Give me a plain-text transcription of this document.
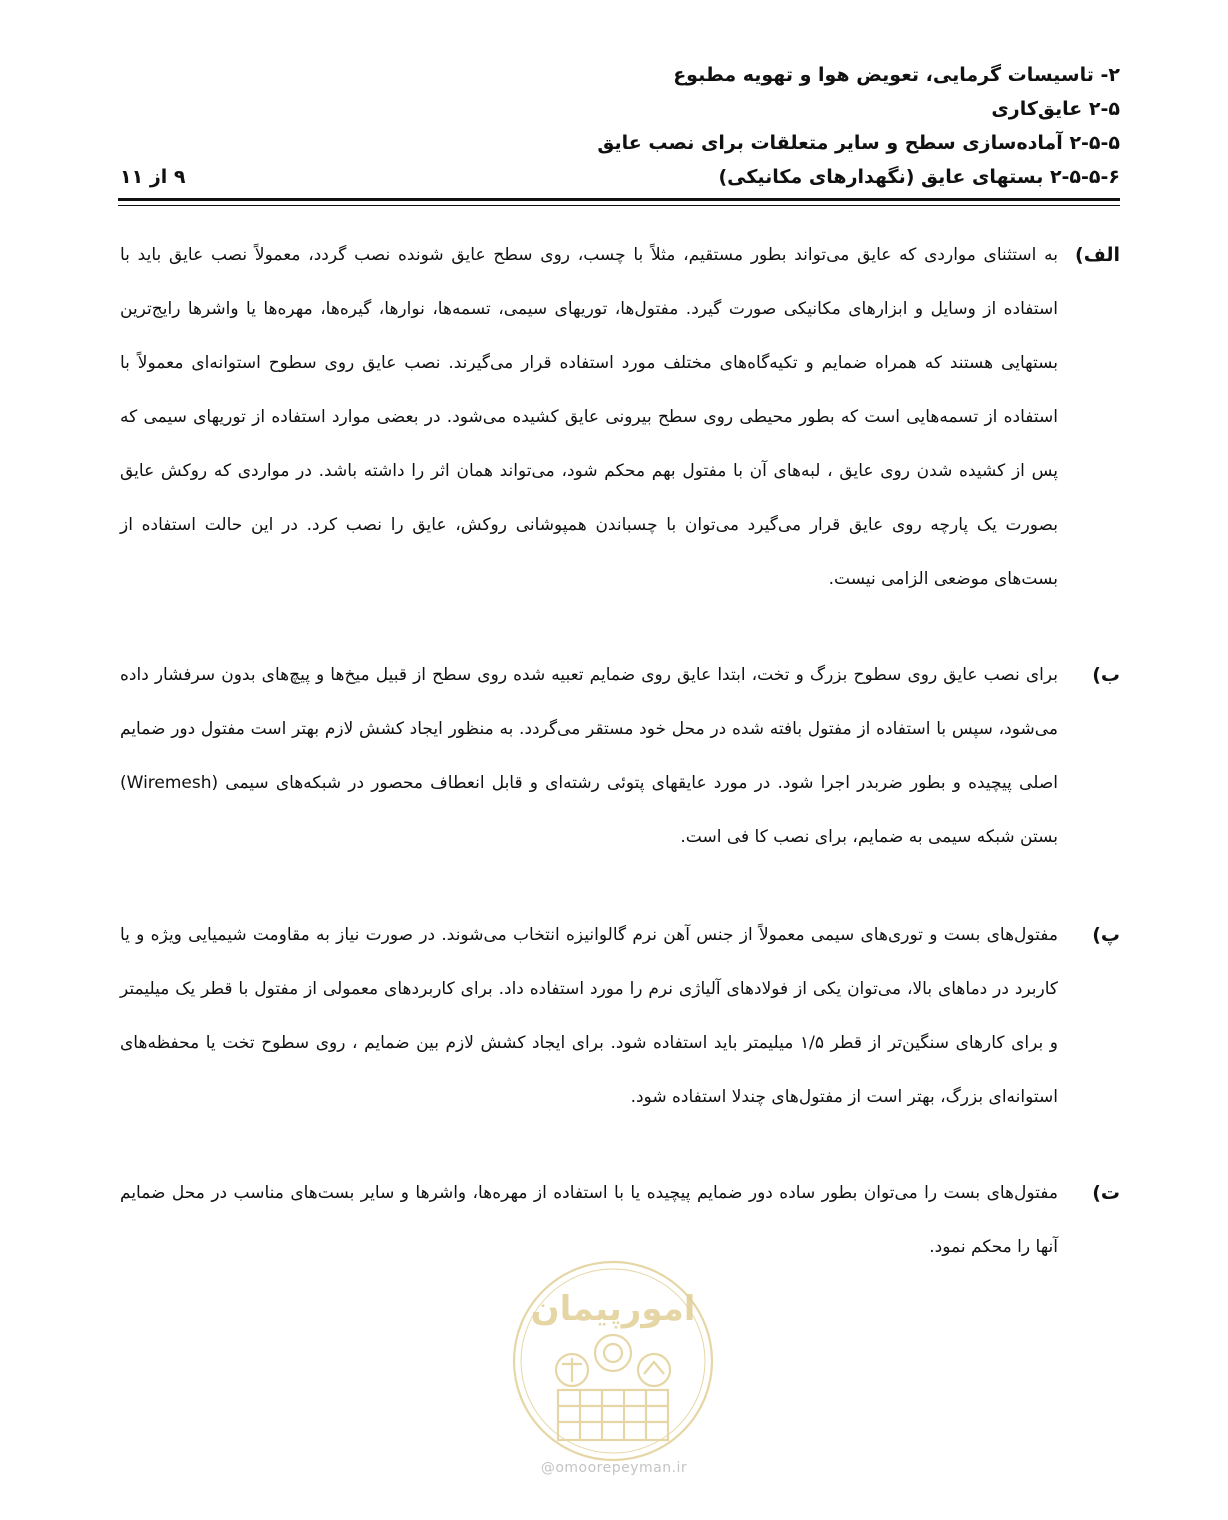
۲- تاسیسات گرمایی، تعویض هوا و تهویه مطبوع
۲-۵ عایق‌کاری
۲-۵-۵ آماده‌سازی سطح و سایر متعلقات برای نصب عایق
۲-۵-۵-۶ بستهای عایق (نگهدارهای مکانیکی)
۹ از ۱۱
الف)
به استثنای مواردی که عایق می‌تواند بطور مستقیم، مثلاً با چسب، روی سطح عایق شونده نصب گردد، معمولاً نصب عایق باید با استفاده از وسایل و ابزارهای مکانیکی صورت گیرد. مفتول‌ها، توریهای سیمی، تسمه‌ها، نوارها، گیره‌ها، مهره‌ها یا واشرها رایج‌ترین بستهایی هستند که همراه ضمایم و تکیه‌گاه‌های مختلف مورد استفاده قرار می‌گیرند. نصب عایق روی سطوح استوانه‌ای معمولاً با استفاده از تسمه‌هایی است که بطور محیطی روی سطح بیرونی عایق کشیده می‌شود. در بعضی موارد استفاده از توریهای سیمی که پس از کشیده شدن روی عایق ، لبه‌های آن با مفتول بهم محکم شود، می‌تواند همان اثر را داشته باشد. در مواردی که روکش عایق بصورت یک پارچه روی عایق قرار می‌گیرد می‌توان با چسباندن همپوشانی روکش، عایق را نصب کرد. در این حالت استفاده از بست‌های موضعی الزامی نیست.
ب)
برای نصب عایق روی سطوح بزرگ و تخت، ابتدا عایق روی ضمایم تعبیه شده روی سطح از قبیل میخ‌ها و پیچ‌های بدون سرفشار داده می‌شود، سپس با استفاده از مفتول بافته شده در محل خود مستقر می‌گردد. به منظور ایجاد کشش لازم بهتر است مفتول دور ضمایم اصلی پیچیده و بطور ضربدر اجرا شود. در مورد عایقهای پتوئی رشته‌ای و قابل انعطاف محصور در شبکه‌های سیمی (Wiremesh) بستن شبکه سیمی به ضمایم، برای نصب کا فی است.
پ)
مفتول‌های بست و توری‌های سیمی معمولاً از جنس آهن نرم گالوانیزه انتخاب می‌شوند. در صورت نیاز به مقاومت شیمیایی ویژه و یا کاربرد در دماهای بالا، می‌توان یکی از فولادهای آلیاژی نرم را مورد استفاده داد. برای کاربردهای معمولی از مفتول با قطر یک میلیمتر و برای کارهای سنگین‌تر از قطر ۱/۵ میلیمتر باید استفاده شود. برای ایجاد کشش لازم بین ضمایم ، روی سطوح تخت یا محفظه‌های استوانه‌ای بزرگ، بهتر است از مفتول‌های چندلا استفاده شود.
ت)
مفتول‌های بست را می‌توان بطور ساده دور ضمایم پیچیده یا با استفاده از مهره‌ها، واشرها و سایر بست‌های مناسب در محل ضمایم آنها را محکم نمود.
امورپیمان
@omoorepeyman.ir
